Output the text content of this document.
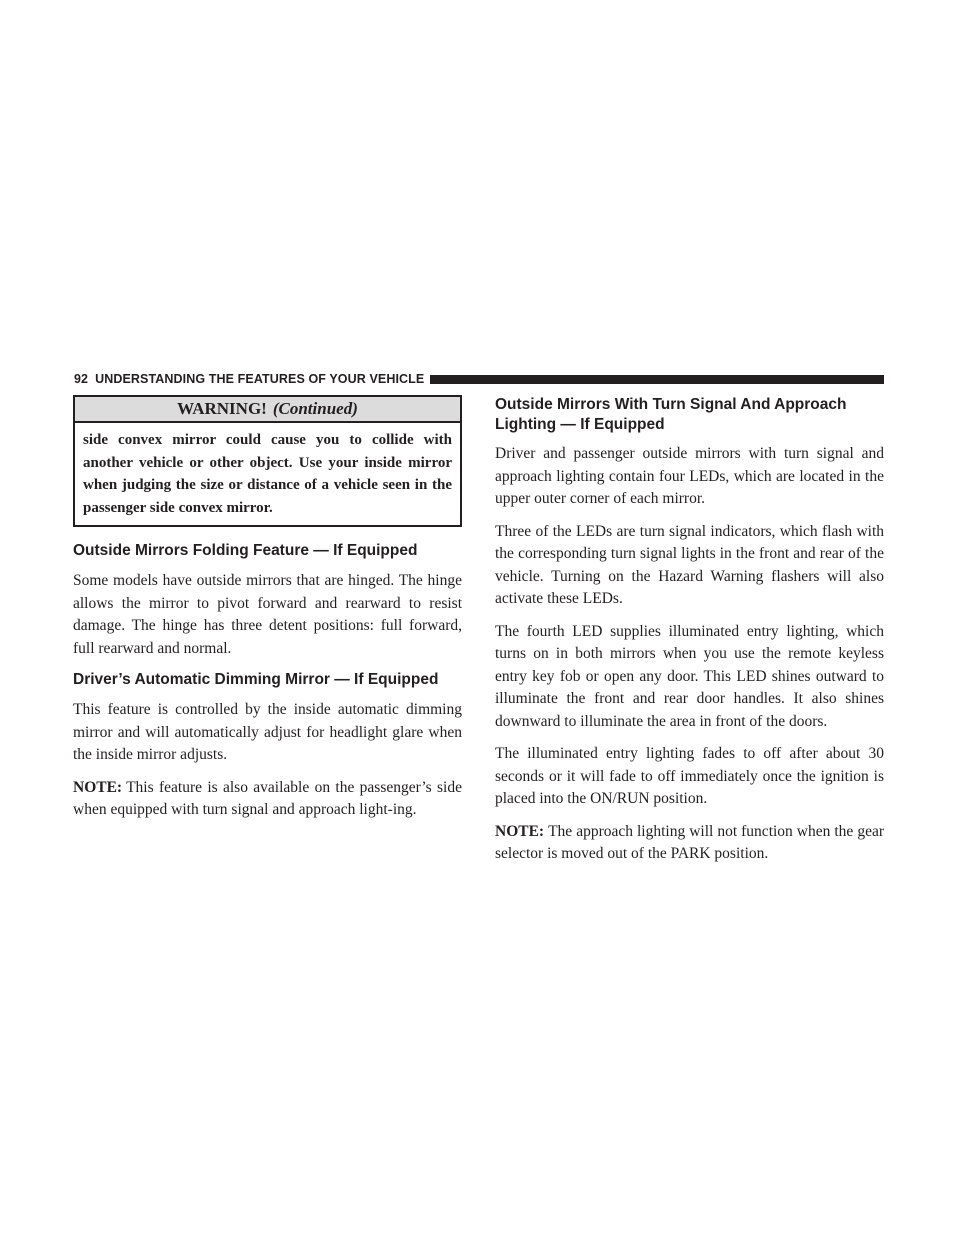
92 UNDERSTANDING THE FEATURES OF YOUR VEHICLE
WARNING! (Continued)
side convex mirror could cause you to collide with another vehicle or other object. Use your inside mirror when judging the size or distance of a vehicle seen in the passenger side convex mirror.
Outside Mirrors Folding Feature — If Equipped

Some models have outside mirrors that are hinged. The hinge allows the mirror to pivot forward and rearward to resist damage. The hinge has three detent positions: full forward, full rearward and normal.

Driver’s Automatic Dimming Mirror — If Equipped

This feature is controlled by the inside automatic dimming mirror and will automatically adjust for headlight glare when the inside mirror adjusts.

NOTE: This feature is also available on the passenger’s side when equipped with turn signal and approach light-ing.

Outside Mirrors With Turn Signal And Approach Lighting — If Equipped

Driver and passenger outside mirrors with turn signal and approach lighting contain four LEDs, which are located in the upper outer corner of each mirror.

Three of the LEDs are turn signal indicators, which flash with the corresponding turn signal lights in the front and rear of the vehicle. Turning on the Hazard Warning flashers will also activate these LEDs.

The fourth LED supplies illuminated entry lighting, which turns on in both mirrors when you use the remote keyless entry key fob or open any door. This LED shines outward to illuminate the front and rear door handles. It also shines downward to illuminate the area in front of the doors.

The illuminated entry lighting fades to off after about 30 seconds or it will fade to off immediately once the ignition is placed into the ON/RUN position.

NOTE: The approach lighting will not function when the gear selector is moved out of the PARK position.
